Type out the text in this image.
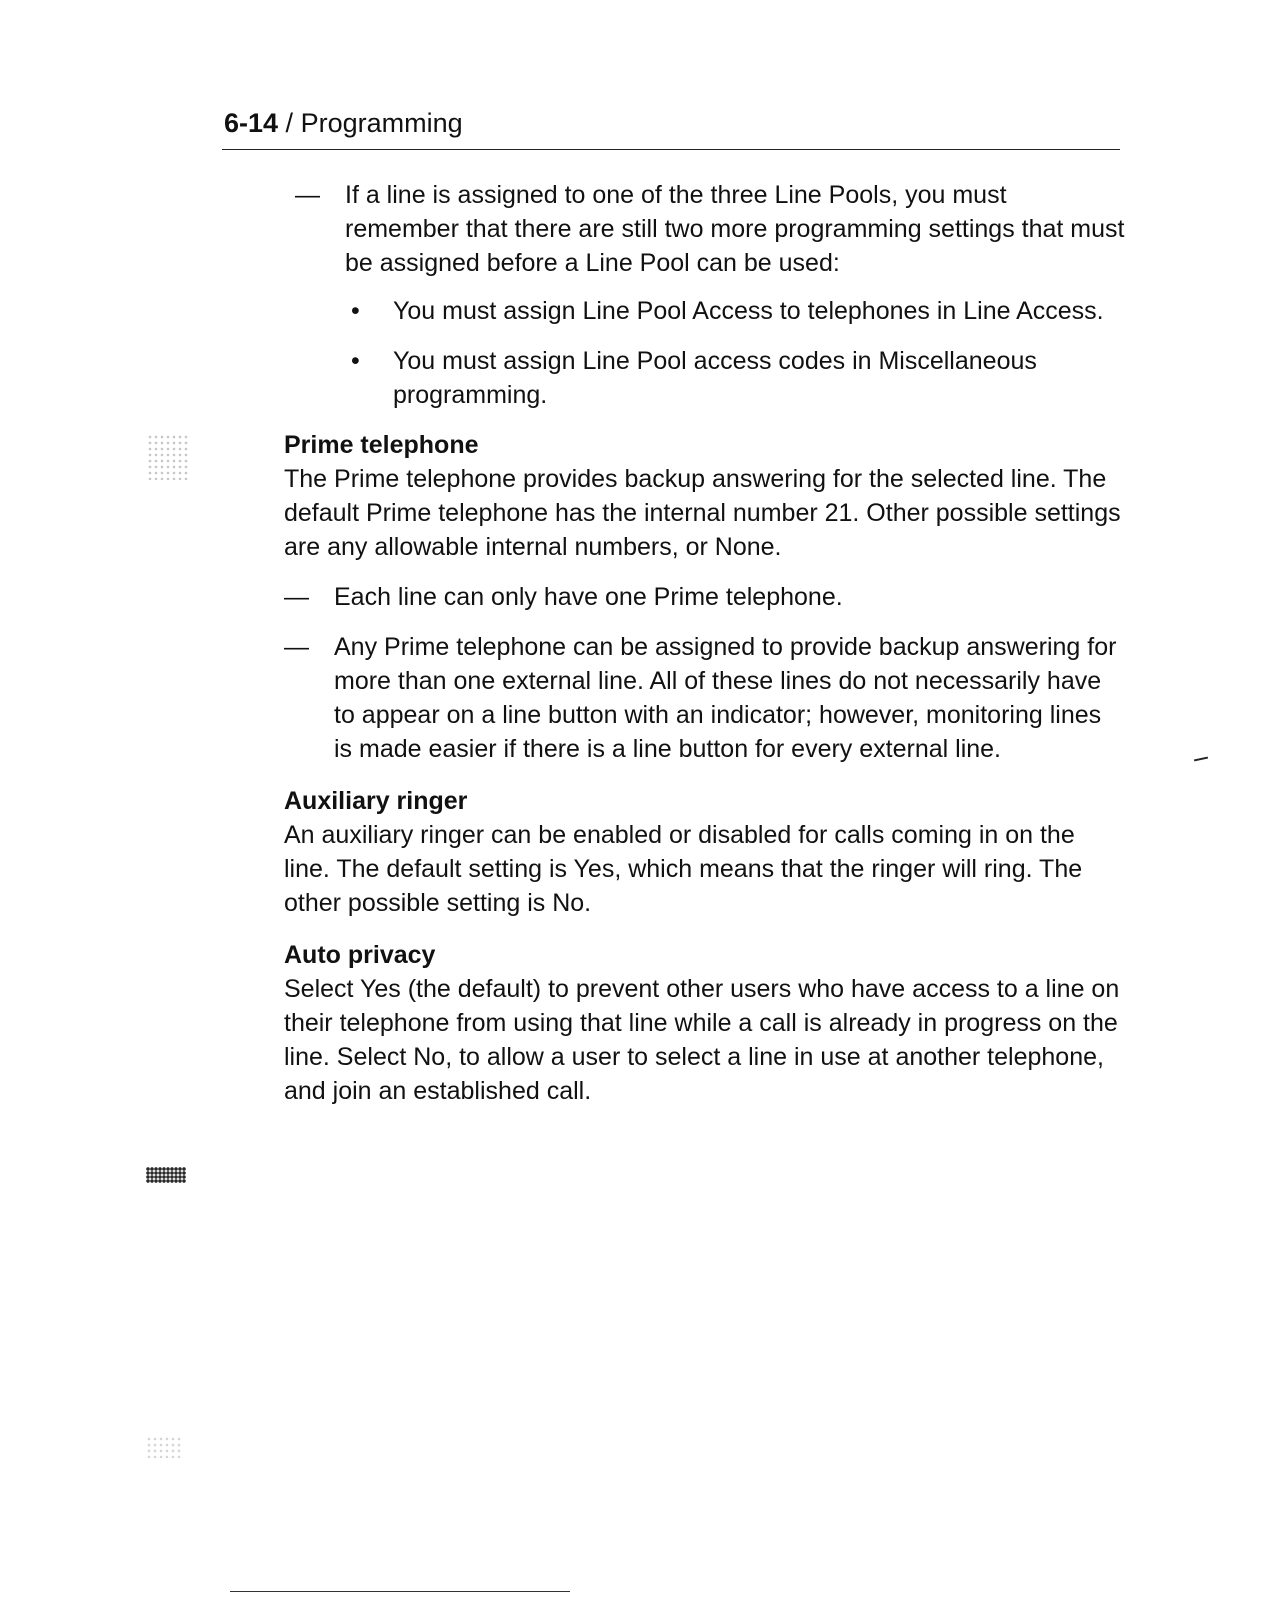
6-14 / Programming
— If a line is assigned to one of the three Line Pools, you must remember that there are still two more programming settings that must be assigned before a Line Pool can be used:
• You must assign Line Pool Access to telephones in Line Access.
• You must assign Line Pool access codes in Miscellaneous programming.
Prime telephone

The Prime telephone provides backup answering for the selected line. The default Prime telephone has the internal number 21. Other possible settings are any allowable internal numbers, or None.

— Each line can only have one Prime telephone.
— Any Prime telephone can be assigned to provide backup answering for more than one external line. All of these lines do not necessarily have to appear on a line button with an indicator; however, monitoring lines is made easier if there is a line button for every external line.
Auxiliary ringer

An auxiliary ringer can be enabled or disabled for calls coming in on the line. The default setting is Yes, which means that the ringer will ring. The other possible setting is No.

Auto privacy

Select Yes (the default) to prevent other users who have access to a line on their telephone from using that line while a call is already in progress on the line. Select No, to allow a user to select a line in use at another telephone, and join an established call.
